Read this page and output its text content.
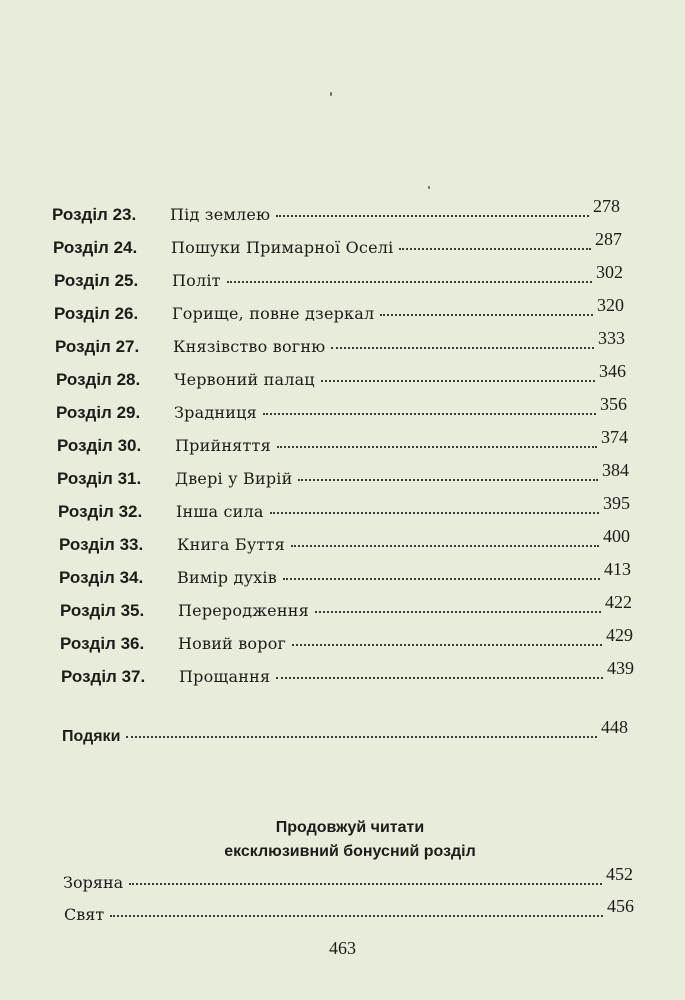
Розділ 23.	Під землею	278
Розділ 24.	Пошуки Примарної Оселі	287
Розділ 25.	Політ	302
Розділ 26.	Горище, повне дзеркал	320
Розділ 27.	Князівство вогню	333
Розділ 28.	Червоний палац	346
Розділ 29.	Зрадниця	356
Розділ 30.	Прийняття	374
Розділ 31.	Двері у Вирій	384
Розділ 32.	Інша сила	395
Розділ 33.	Книга Буття	400
Розділ 34.	Вимір духів	413
Розділ 35.	Переродження	422
Розділ 36.	Новий ворог	429
Розділ 37.	Прощання	439
Подяки	448
Продовжуй читати
ексклюзивний бонусний розділ
Зоряна	452
Свят	456
463
